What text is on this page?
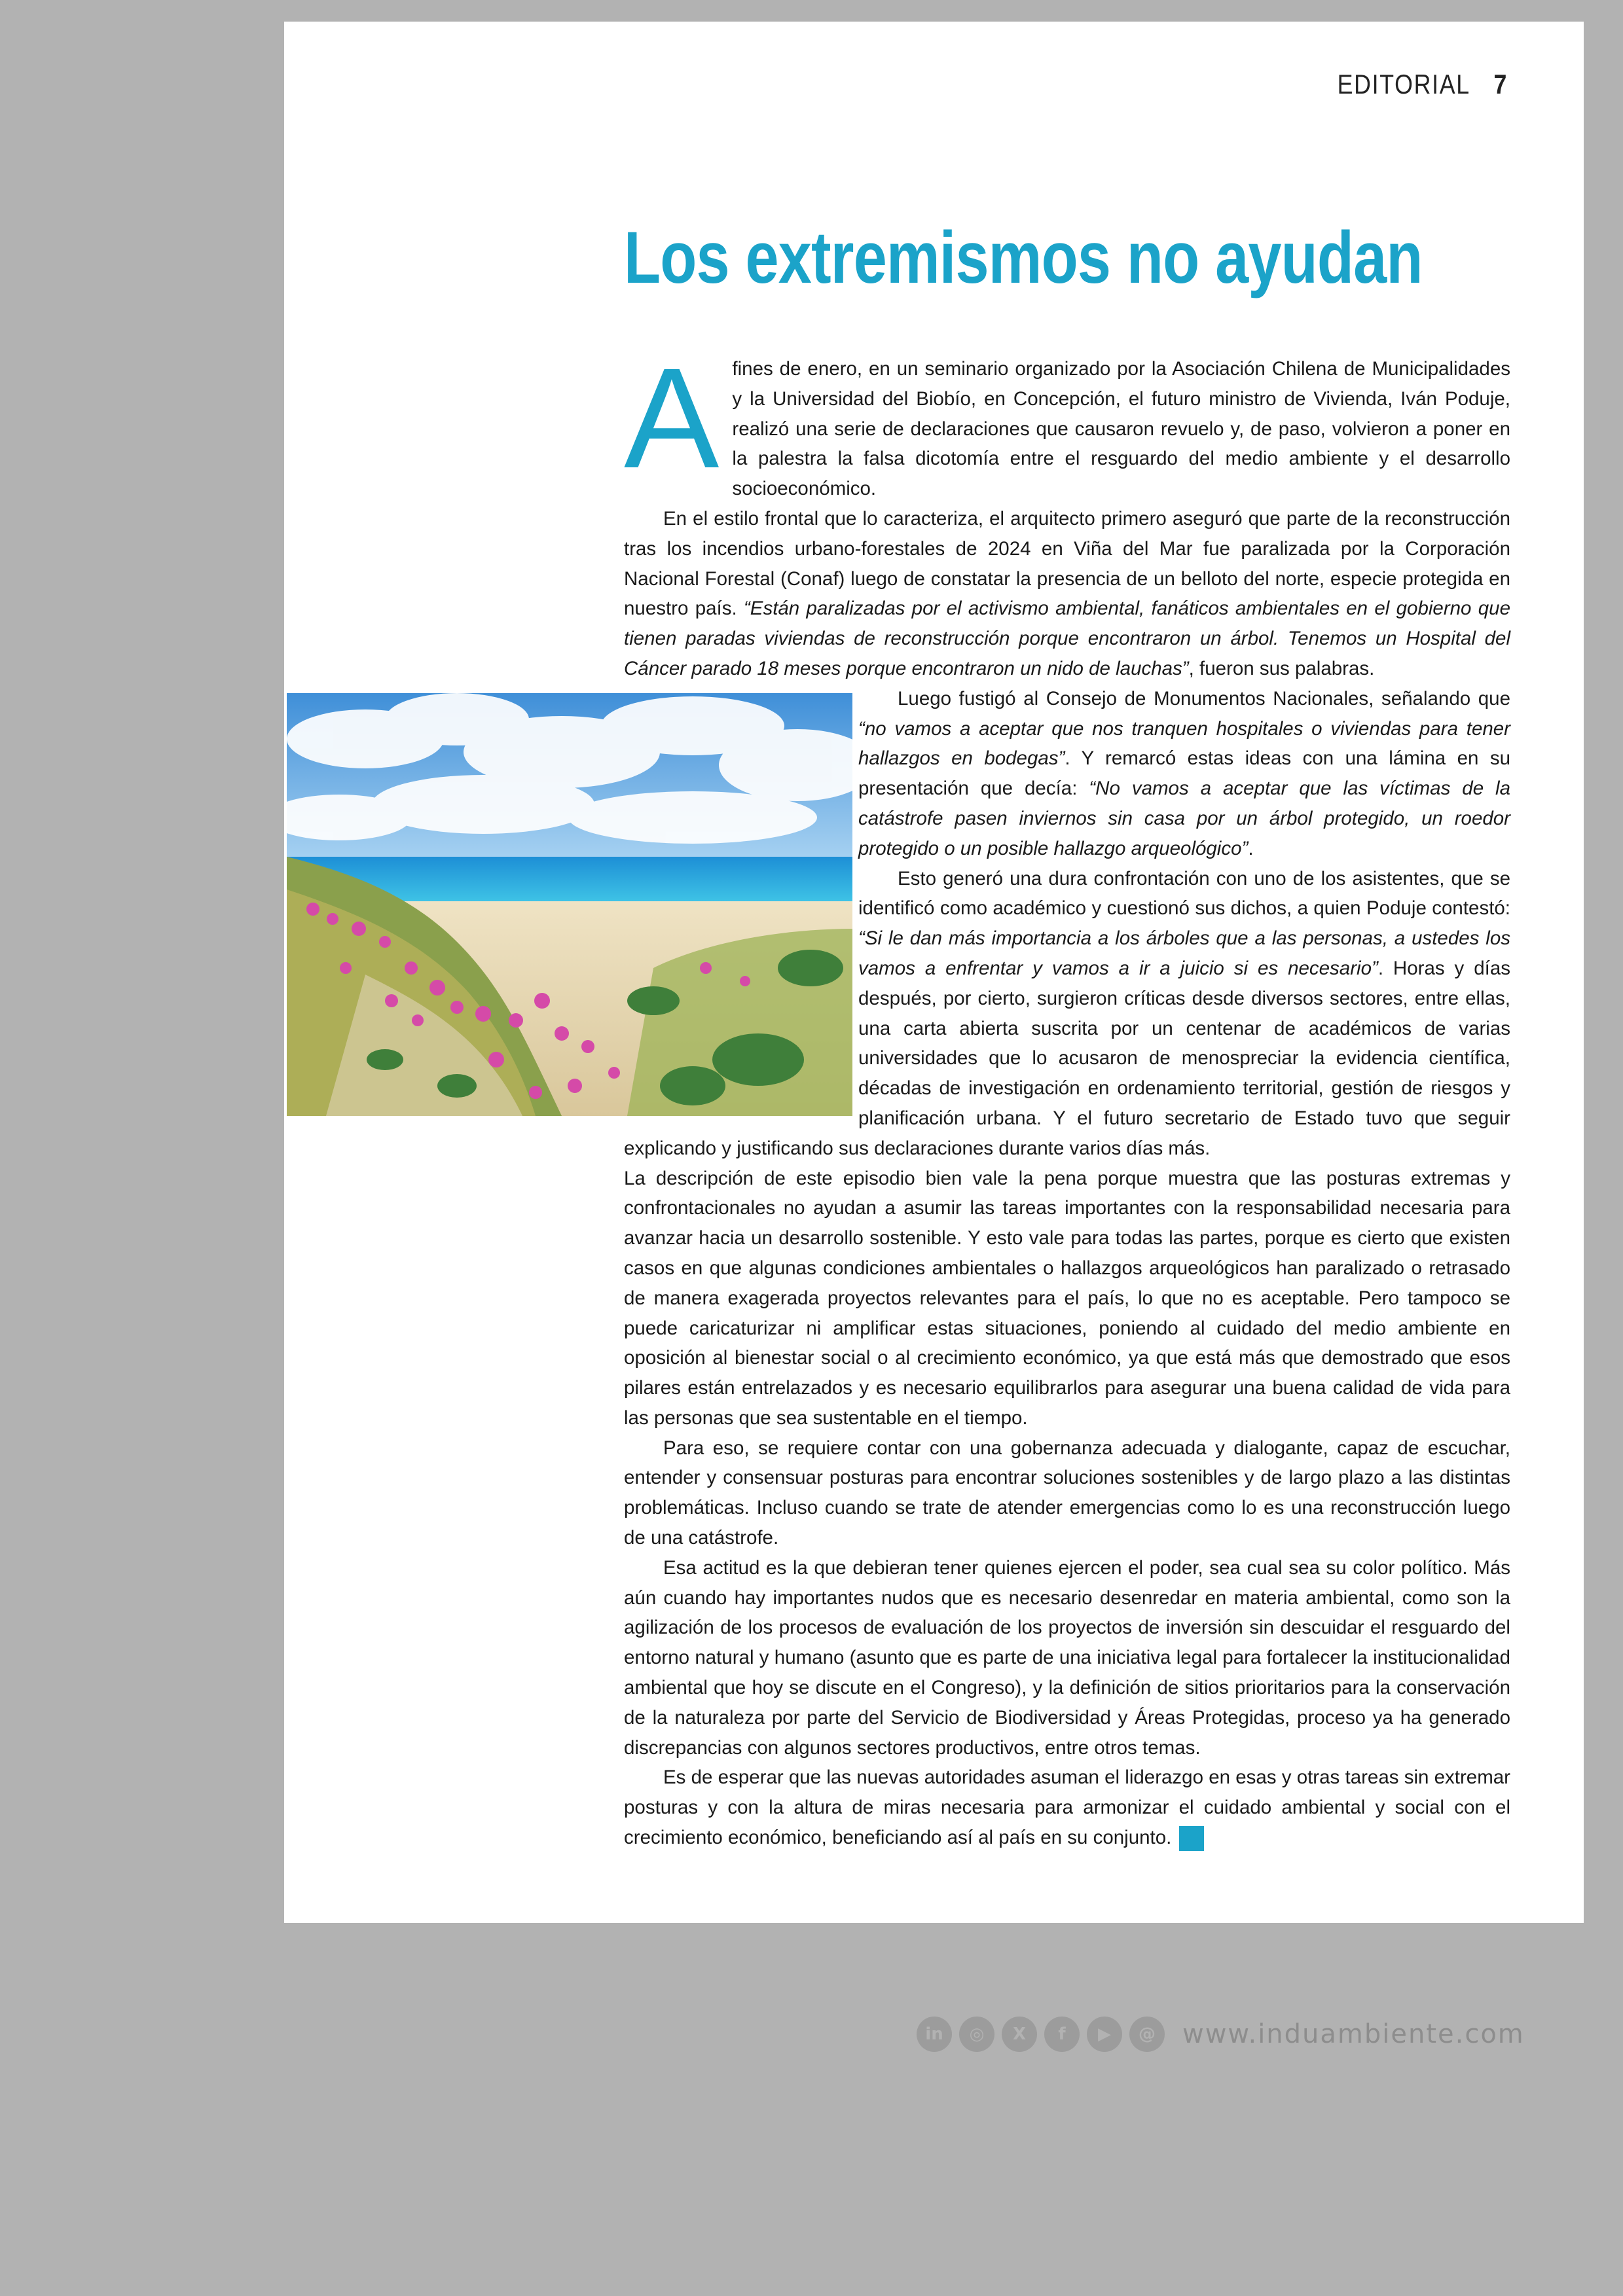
EDITORIAL 7
Los extremismos no ayudan

Afines de enero, en un seminario organizado por la Asociación Chilena de Municipalidades y la Universidad del Biobío, en Concepción, el futuro ministro de Vivienda, Iván Poduje, realizó una serie de declaraciones que causaron revuelo y, de paso, volvieron a poner en la palestra la falsa dicotomía entre el resguardo del medio ambiente y el desarrollo socioeconómico.

En el estilo frontal que lo caracteriza, el arquitecto primero aseguró que parte de la reconstrucción tras los incendios urbano-forestales de 2024 en Viña del Mar fue paralizada por la Corporación Nacional Forestal (Conaf) luego de constatar la presencia de un belloto del norte, especie protegida en nuestro país. “Están paralizadas por el activismo ambiental, fanáticos ambientales en el gobierno que tienen paradas viviendas de reconstrucción porque encontraron un árbol. Tenemos un Hospital del Cáncer parado 18 meses porque encontraron un nido de lauchas”, fueron sus palabras.

Luego fustigó al Consejo de Monumentos Nacionales, señalando que “no vamos a aceptar que nos tranquen hospitales o viviendas para tener hallazgos en bodegas”. Y remarcó estas ideas con una lámina en su presentación que decía: “No vamos a aceptar que las víctimas de la catástrofe pasen inviernos sin casa por un árbol protegido, un roedor protegido o un posible hallazgo arqueológico”.

Esto generó una dura confrontación con uno de los asistentes, que se identificó como académico y cuestionó sus dichos, a quien Poduje contestó: “Si le dan más importancia a los árboles que a las personas, a ustedes los vamos a enfrentar y vamos a ir a juicio si es necesario”. Horas y días después, por cierto, surgieron críticas desde diversos sectores, entre ellas, una carta abierta suscrita por un centenar de académicos de varias universidades que lo acusaron de menospreciar la evidencia científica, décadas de investigación en ordenamiento territorial, gestión de riesgos y planificación urbana. Y el futuro secretario de Estado tuvo que seguir explicando y justificando sus declaraciones durante varios días más.

La descripción de este episodio bien vale la pena porque muestra que las posturas extremas y confrontacionales no ayudan a asumir las tareas importantes con la responsabilidad necesaria para avanzar hacia un desarrollo sostenible. Y esto vale para todas las partes, porque es cierto que existen casos en que algunas condiciones ambientales o hallazgos arqueológicos han paralizado o retrasado de manera exagerada proyectos relevantes para el país, lo que no es aceptable. Pero tampoco se puede caricaturizar ni amplificar estas situaciones, poniendo al cuidado del medio ambiente en oposición al bienestar social o al crecimiento económico, ya que está más que demostrado que esos pilares están entrelazados y es necesario equilibrarlos para asegurar una buena calidad de vida para las personas que sea sustentable en el tiempo.

Para eso, se requiere contar con una gobernanza adecuada y dialogante, capaz de escuchar, entender y consensuar posturas para encontrar soluciones sostenibles y de largo plazo a las distintas problemáticas. Incluso cuando se trate de atender emergencias como lo es una reconstrucción luego de una catástrofe.

Esa actitud es la que debieran tener quienes ejercen el poder, sea cual sea su color político. Más aún cuando hay importantes nudos que es necesario desenredar en materia ambiental, como son la agilización de los procesos de evaluación de los proyectos de inversión sin descuidar el resguardo del entorno natural y humano (asunto que es parte de una iniciativa legal para fortalecer la institucionalidad ambiental que hoy se discute en el Congreso), y la definición de sitios prioritarios para la conservación de la naturaleza por parte del Servicio de Biodiversidad y Áreas Protegidas, proceso ya ha generado discrepancias con algunos sectores productivos, entre otros temas.

Es de esperar que las nuevas autoridades asuman el liderazgo en esas y otras tareas sin extremar posturas y con la altura de miras necesaria para armonizar el cuidado ambiental y social con el crecimiento económico, beneficiando así al país en su conjunto.	IA

in	◎	X	f	▶	@	www.induambiente.com
